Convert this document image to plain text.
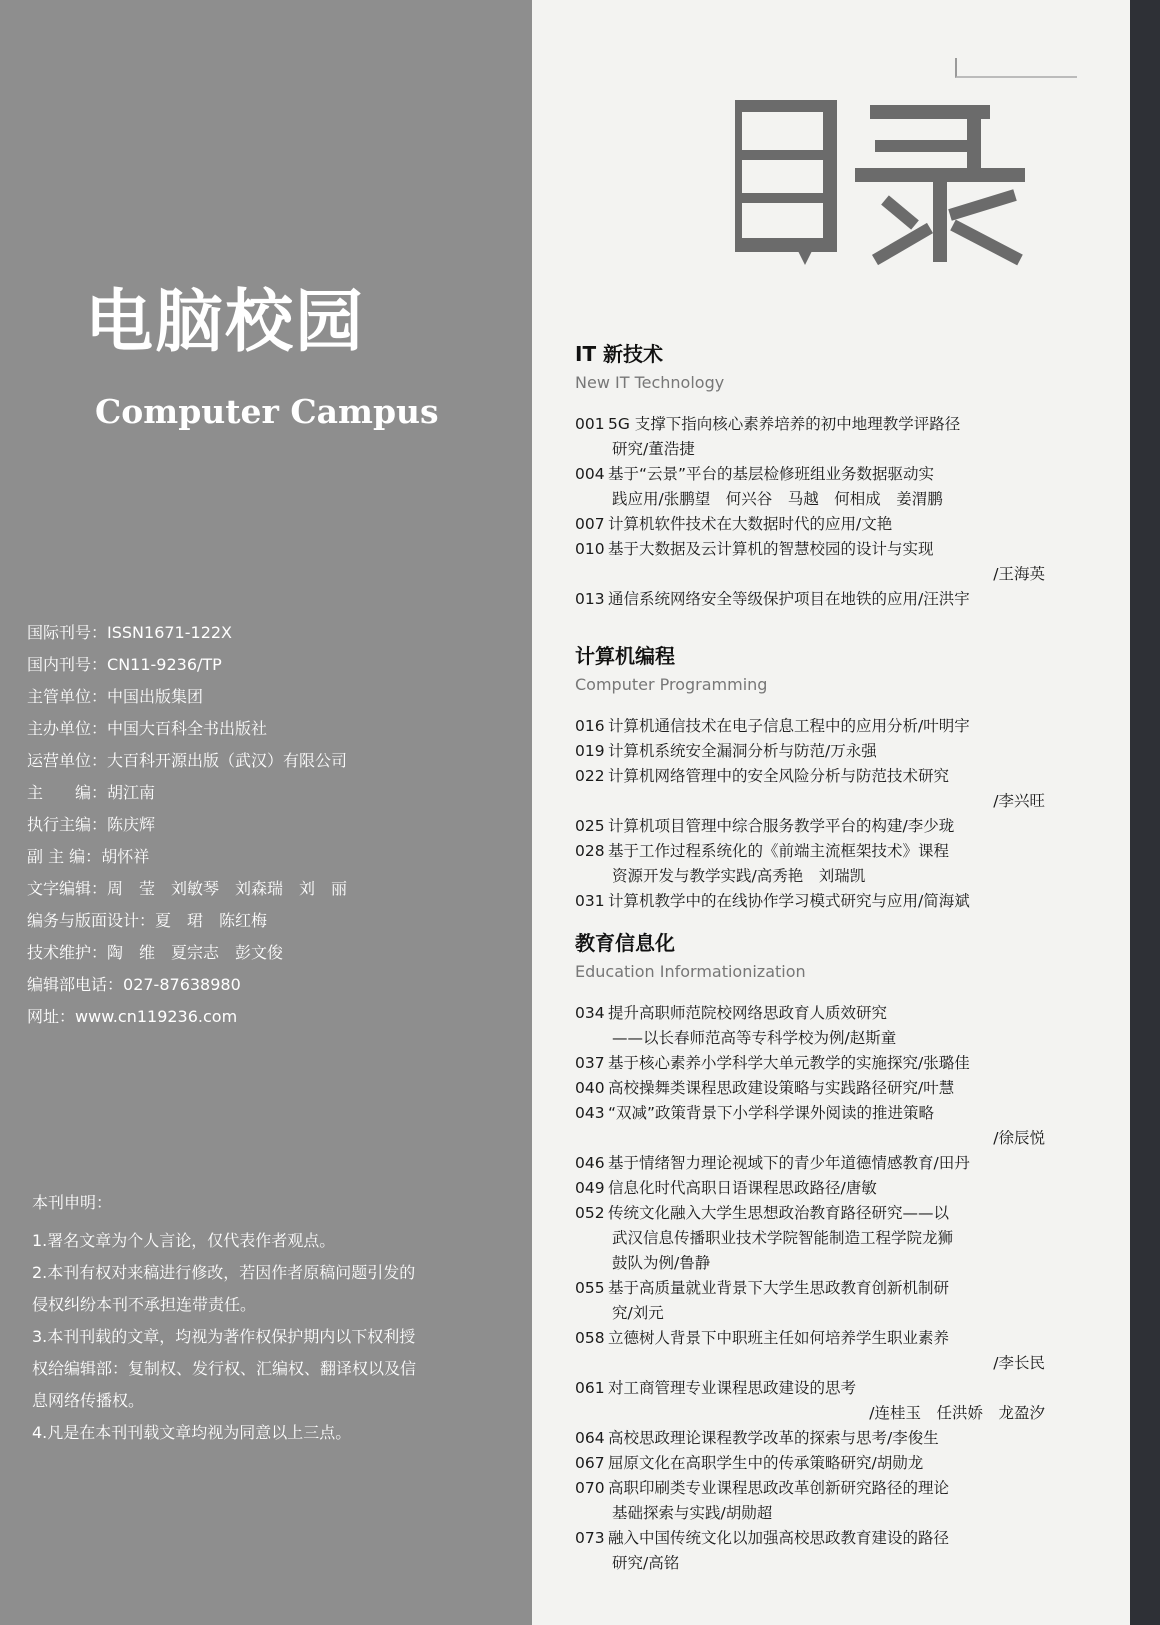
电脑校园
Computer Campus
国际刊号：ISSN1671-122X
国内刊号：CN11-9236/TP
主管单位：中国出版集团
主办单位：中国大百科全书出版社
运营单位：大百科开源出版（武汉）有限公司
主　　编：胡江南
执行主编：陈庆辉
副 主 编：胡怀祥
文字编辑：周　莹　刘敏琴　刘森瑞　刘　丽
编务与版面设计：夏　珺　陈红梅
技术维护：陶　维　夏宗志　彭文俊
编辑部电话：027-87638980
网址：www.cn119236.com
本刊申明：
1.署名文章为个人言论，仅代表作者观点。
2.本刊有权对来稿进行修改，若因作者原稿问题引发的
侵权纠纷本刊不承担连带责任。
3.本刊刊载的文章，均视为著作权保护期内以下权利授
权给编辑部：复制权、发行权、汇编权、翻译权以及信
息网络传播权。
4.凡是在本刊刊载文章均视为同意以上三点。
目录
IT 新技术
New IT Technology
001 5G 支撑下指向核心素养培养的初中地理教学评路径
研究/董浩捷
004 基于“云景”平台的基层检修班组业务数据驱动实
践应用/张鹏望　何兴谷　马越　何相成　姜渭鹏
007 计算机软件技术在大数据时代的应用/文艳
010 基于大数据及云计算机的智慧校园的设计与实现
/王海英
013 通信系统网络安全等级保护项目在地铁的应用/汪洪宇
计算机编程
Computer Programming
016 计算机通信技术在电子信息工程中的应用分析/叶明宇
019 计算机系统安全漏洞分析与防范/万永强
022 计算机网络管理中的安全风险分析与防范技术研究
/李兴旺
025 计算机项目管理中综合服务教学平台的构建/李少珑
028 基于工作过程系统化的《前端主流框架技术》课程
资源开发与教学实践/高秀艳　刘瑞凯
031 计算机教学中的在线协作学习模式研究与应用/简海斌
教育信息化
Education Informationization
034 提升高职师范院校网络思政育人质效研究
——以长春师范高等专科学校为例/赵斯童
037 基于核心素养小学科学大单元教学的实施探究/张璐佳
040 高校操舞类课程思政建设策略与实践路径研究/叶慧
043 “双减”政策背景下小学科学课外阅读的推进策略
/徐辰悦
046 基于情绪智力理论视域下的青少年道德情感教育/田丹
049 信息化时代高职日语课程思政路径/唐敏
052 传统文化融入大学生思想政治教育路径研究——以
武汉信息传播职业技术学院智能制造工程学院龙狮
鼓队为例/鲁静
055 基于高质量就业背景下大学生思政教育创新机制研
究/刘元
058 立德树人背景下中职班主任如何培养学生职业素养
/李长民
061 对工商管理专业课程思政建设的思考
/连桂玉　任洪娇　龙盈汐
064 高校思政理论课程教学改革的探索与思考/李俊生
067 屈原文化在高职学生中的传承策略研究/胡勋龙
070 高职印刷类专业课程思政改革创新研究路径的理论
基础探索与实践/胡勋超
073 融入中国传统文化以加强高校思政教育建设的路径
研究/高铭
